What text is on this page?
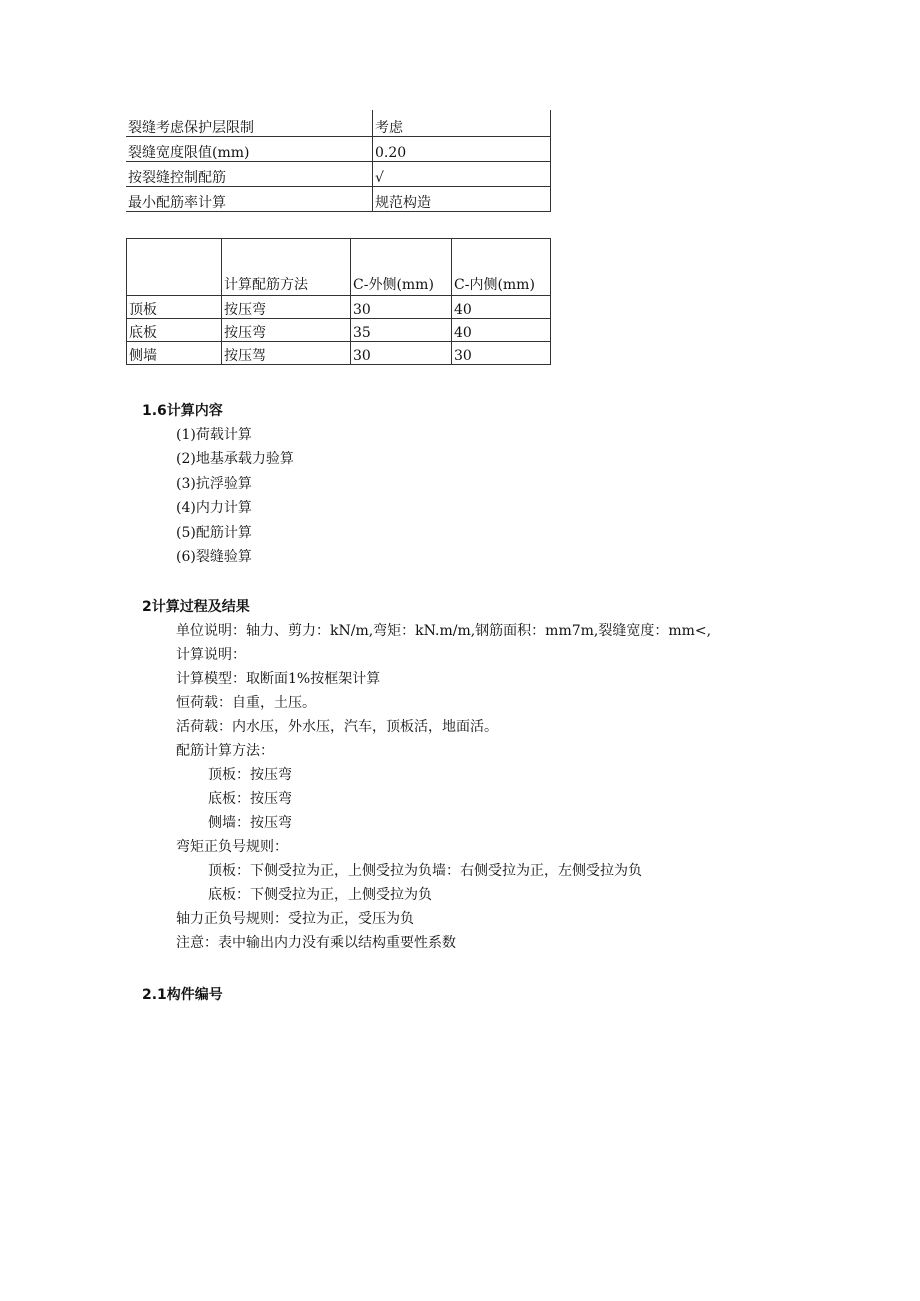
裂缝考虑保护层限制	考虑
裂缝宽度限值(mm)	0.20
按裂缝控制配筋	√
最小配筋率计算	规范构造
	计算配筋方法	C-外侧(mm)	C-内侧(mm)
顶板	按压弯	30	40
底板	按压弯	35	40
侧墙	按压驾	30	30
1.6计算内容
(1)荷载计算
(2)地基承载力验算
(3)抗浮验算
(4)内力计算
(5)配筋计算
(6)裂缝验算
2计算过程及结果
单位说明：轴力、剪力：kN/m,弯矩：kN.m/m,钢筋面积：mm7m,裂缝宽度：mm<,
计算说明：
计算模型：取断面1%按框架计算
恒荷载：自重，土压。
活荷载：内水压，外水压，汽车，顶板活，地面活。
配筋计算方法：
顶板：按压弯
底板：按压弯
侧墙：按压弯
弯矩正负号规则：
顶板：下侧受拉为正，上侧受拉为负墙：右侧受拉为正，左侧受拉为负
底板：下侧受拉为正，上侧受拉为负
轴力正负号规则：受拉为正，受压为负
注意：表中输出内力没有乘以结构重要性系数
2.1构件编号
